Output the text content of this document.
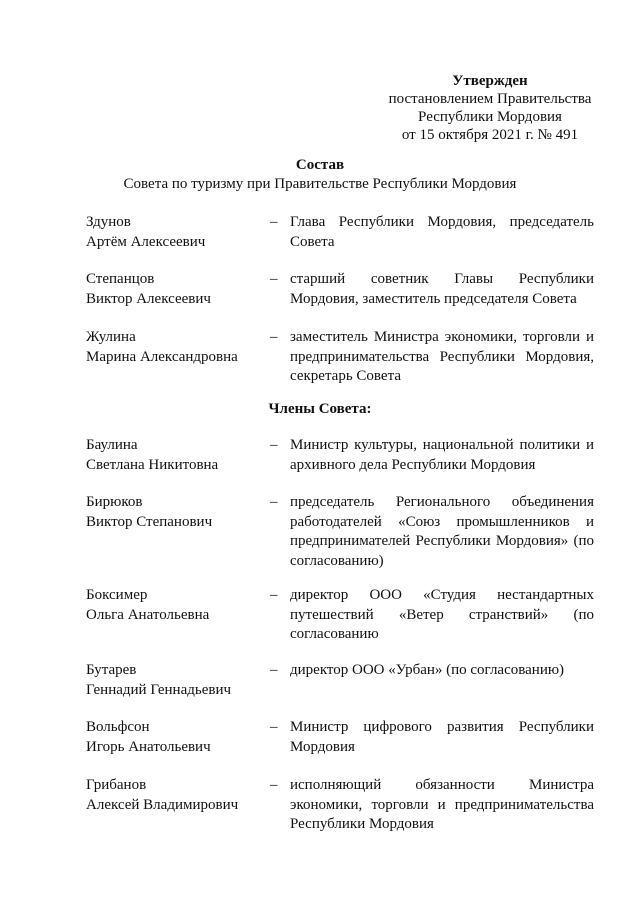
Утвержден
постановлением Правительства
Республики Мордовия
от 15 октября 2021 г. № 491
Состав
Совета по туризму при Правительстве Республики Мордовия
Здунов
Артём Алексеевич
– Глава Республики Мордовия, председатель Совета
Степанцов
Виктор Алексеевич
– старший советник Главы Республики Мордовия, заместитель председателя Совета
Жулина
Марина Александровна
– заместитель Министра экономики, торговли и предпринимательства Республики Мордовия, секретарь Совета
Члены Совета:
Баулина
Светлана Никитовна
– Министр культуры, национальной политики и архивного дела Республики Мордовия
Бирюков
Виктор Степанович
– председатель Регионального объединения работодателей «Союз промышленников и предпринимателей Республики Мордовия» (по согласованию)
Боксимер
Ольга Анатольевна
– директор ООО «Студия нестандартных путешествий «Ветер странствий» (по согласованию
Бутарев
Геннадий Геннадьевич
– директор ООО «Урбан» (по согласованию)
Вольфсон
Игорь Анатольевич
– Министр цифрового развития Республики Мордовия
Грибанов
Алексей Владимирович
– исполняющий обязанности Министра экономики, торговли и предпринимательства Республики Мордовия
